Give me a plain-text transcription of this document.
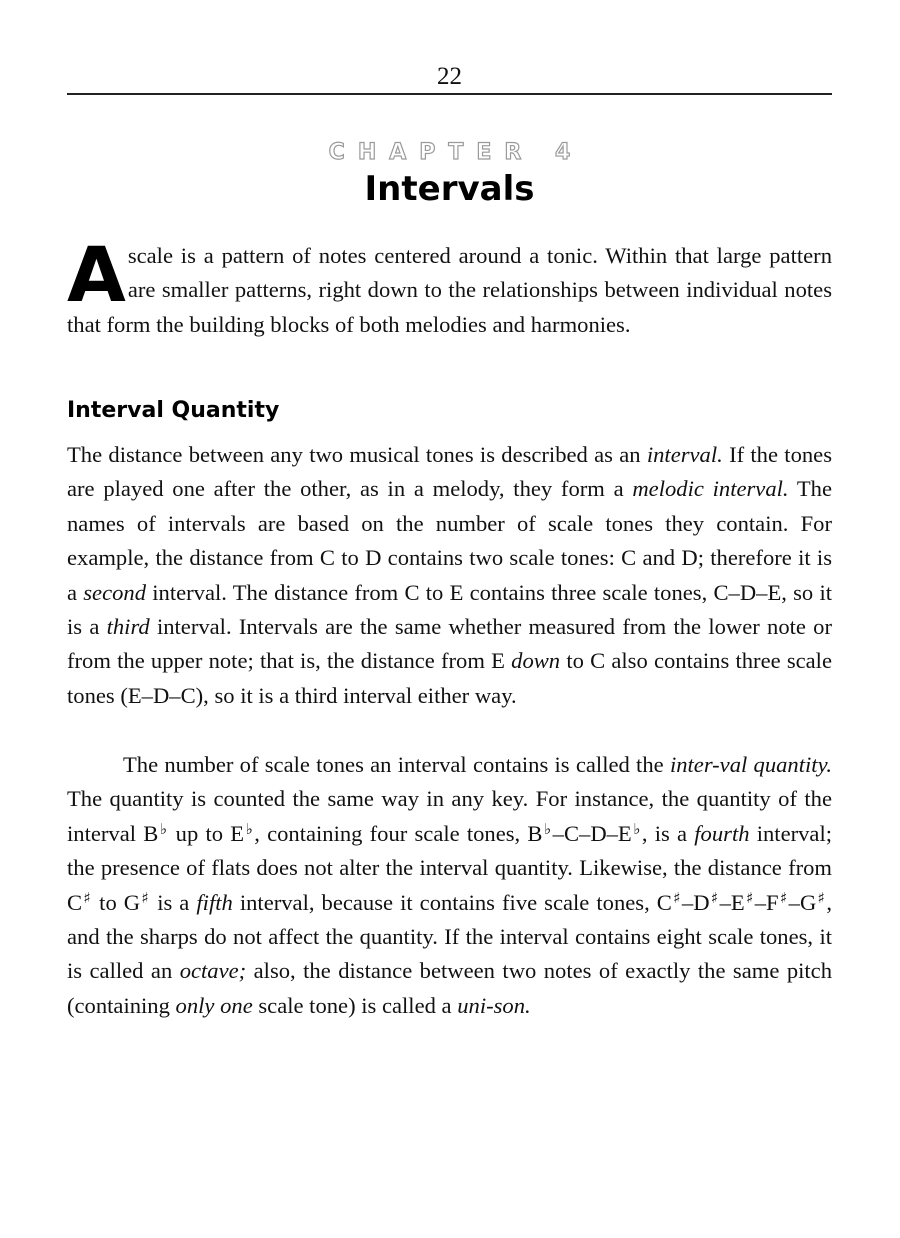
22
CHAPTER 4
Intervals

Ascale is a pattern of notes centered around a tonic. Within that large pattern are smaller patterns, right down to the relationships between individual notes that form the building blocks of both melodies and harmonies.

Interval Quantity

The distance between any two musical tones is described as an interval. If the tones are played one after the other, as in a melody, they form a melodic interval. The names of intervals are based on the number of scale tones they contain. For example, the distance from C to D contains two scale tones: C and D; therefore it is a second interval. The distance from C to E contains three scale tones, C–D–E, so it is a third interval. Intervals are the same whether measured from the lower note or from the upper note; that is, the distance from E down to C also contains three scale tones (E–D–C), so it is a third interval either way.

The number of scale tones an interval contains is called the inter-val quantity. The quantity is counted the same way in any key. For instance, the quantity of the interval B♭ up to E♭, containing four scale tones, B♭–C–D–E♭, is a fourth interval; the presence of flats does not alter the interval quantity. Likewise, the distance from C♯ to G♯ is a fifth interval, because it contains five scale tones, C♯–D♯–E♯–F♯–G♯, and the sharps do not affect the quantity. If the interval contains eight scale tones, it is called an octave; also, the distance between two notes of exactly the same pitch (containing only one scale tone) is called a uni-son.
